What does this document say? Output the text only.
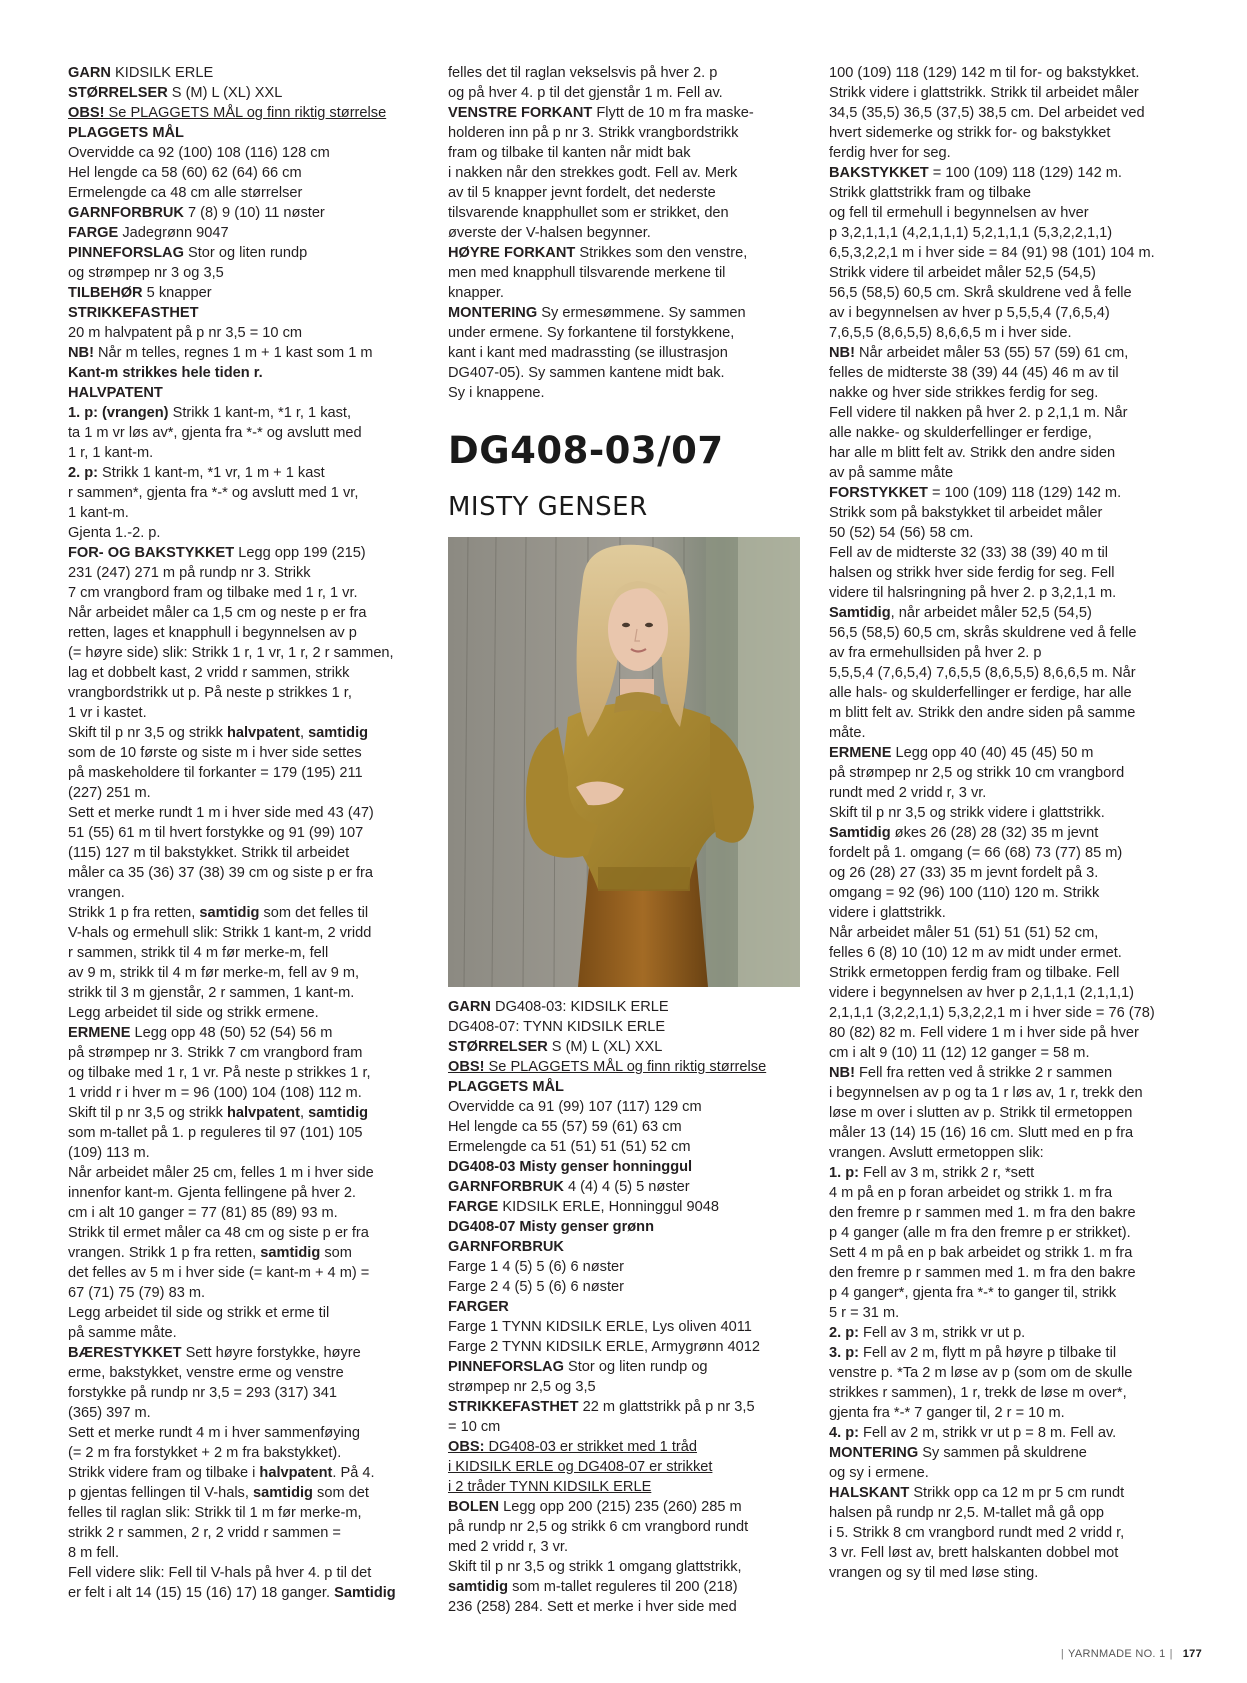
GARN KIDSILK ERLE
STØRRELSER S (M) L (XL) XXL
OBS! Se PLAGGETS MÅL og finn riktig størrelse
PLAGGETS MÅL
Overvidde ca 92 (100) 108 (116) 128 cm
Hel lengde ca 58 (60) 62 (64) 66 cm
Ermelengde ca 48 cm alle størrelser
GARNFORBRUK 7 (8) 9 (10) 11 nøster
FARGE Jadegrønn 9047
PINNEFORSLAG Stor og liten rundp
og strømpep nr 3 og 3,5
TILBEHØR 5 knapper
STRIKKEFASTHET
20 m halvpatent på p nr 3,5 = 10 cm
NB! Når m telles, regnes 1 m + 1 kast som 1 m
Kant-m strikkes hele tiden r.
HALVPATENT
1. p: (vrangen) Strikk 1 kant-m, *1 r, 1 kast,
ta 1 m vr løs av*, gjenta fra *-* og avslutt med
1 r, 1 kant-m.
2. p: Strikk 1 kant-m, *1 vr, 1 m + 1 kast
r sammen*, gjenta fra *-* og avslutt med 1 vr,
1 kant-m.
Gjenta 1.-2. p.
FOR- OG BAKSTYKKET Legg opp 199 (215)
231 (247) 271 m på rundp nr 3. Strikk
7 cm vrangbord fram og tilbake med 1 r, 1 vr.
Når arbeidet måler ca 1,5 cm og neste p er fra
retten, lages et knapphull i begynnelsen av p
(= høyre side) slik: Strikk 1 r, 1 vr, 1 r, 2 r sammen,
lag et dobbelt kast, 2 vridd r sammen, strikk
vrangbordstrikk ut p. På neste p strikkes 1 r,
1 vr i kastet.
Skift til p nr 3,5 og strikk halvpatent, samtidig
som de 10 første og siste m i hver side settes
på maskeholdere til forkanter = 179 (195) 211
(227) 251 m.
Sett et merke rundt 1 m i hver side med 43 (47)
51 (55) 61 m til hvert forstykke og 91 (99) 107
(115) 127 m til bakstykket. Strikk til arbeidet
måler ca 35 (36) 37 (38) 39 cm og siste p er fra
vrangen.
Strikk 1 p fra retten, samtidig som det felles til
V-hals og ermehull slik: Strikk 1 kant-m, 2 vridd
r sammen, strikk til 4 m før merke-m, fell
av 9 m, strikk til 4 m før merke-m, fell av 9 m,
strikk til 3 m gjenstår, 2 r sammen, 1 kant-m.
Legg arbeidet til side og strikk ermene.
ERMENE Legg opp 48 (50) 52 (54) 56 m
på strømpep nr 3. Strikk 7 cm vrangbord fram
og tilbake med 1 r, 1 vr. På neste p strikkes 1 r,
1 vridd r i hver m = 96 (100) 104 (108) 112 m.
Skift til p nr 3,5 og strikk halvpatent, samtidig
som m-tallet på 1. p reguleres til 97 (101) 105
(109) 113 m.
Når arbeidet måler 25 cm, felles 1 m i hver side
innenfor kant-m. Gjenta fellingene på hver 2.
cm i alt 10 ganger = 77 (81) 85 (89) 93 m.
Strikk til ermet måler ca 48 cm og siste p er fra
vrangen. Strikk 1 p fra retten, samtidig som
det felles av 5 m i hver side (= kant-m + 4 m) =
67 (71) 75 (79) 83 m.
Legg arbeidet til side og strikk et erme til
på samme måte.
BÆRESTYKKET Sett høyre forstykke, høyre
erme, bakstykket, venstre erme og venstre
forstykke på rundp nr 3,5 = 293 (317) 341
(365) 397 m.
Sett et merke rundt 4 m i hver sammenføying
(= 2 m fra forstykket + 2 m fra bakstykket).
Strikk videre fram og tilbake i halvpatent. På 4.
p gjentas fellingen til V-hals, samtidig som det
felles til raglan slik: Strikk til 1 m før merke-m,
strikk 2 r sammen, 2 r, 2 vridd r sammen =
8 m fell.
Fell videre slik: Fell til V-hals på hver 4. p til det
er felt i alt 14 (15) 15 (16) 17) 18 ganger. Samtidig
felles det til raglan vekselsvis på hver 2. p
og på hver 4. p til det gjenstår 1 m. Fell av.
VENSTRE FORKANT Flytt de 10 m fra maske-
holderen inn på p nr 3. Strikk vrangbordstrikk
fram og tilbake til kanten når midt bak
i nakken når den strekkes godt. Fell av. Merk
av til 5 knapper jevnt fordelt, det nederste
tilsvarende knapphullet som er strikket, den
øverste der V-halsen begynner.
HØYRE FORKANT Strikkes som den venstre,
men med knapphull tilsvarende merkene til
knapper.
MONTERING Sy ermesømmene. Sy sammen
under ermene. Sy forkantene til forstykkene,
kant i kant med madrassting (se illustrasjon
DG407-05). Sy sammen kantene midt bak.
Sy i knappene.
DG408-03/07
MISTY GENSER
GARN DG408-03: KIDSILK ERLE
DG408-07: TYNN KIDSILK ERLE
STØRRELSER S (M) L (XL) XXL
OBS! Se PLAGGETS MÅL og finn riktig størrelse
PLAGGETS MÅL
Overvidde ca 91 (99) 107 (117) 129 cm
Hel lengde ca 55 (57) 59 (61) 63 cm
Ermelengde ca 51 (51) 51 (51) 52 cm
DG408-03 Misty genser honninggul
GARNFORBRUK 4 (4) 4 (5) 5 nøster
FARGE KIDSILK ERLE, Honninggul 9048
DG408-07 Misty genser grønn
GARNFORBRUK
Farge 1 4 (5) 5 (6) 6 nøster
Farge 2 4 (5) 5 (6) 6 nøster
FARGER
Farge 1 TYNN KIDSILK ERLE, Lys oliven 4011
Farge 2 TYNN KIDSILK ERLE, Armygrønn 4012
PINNEFORSLAG Stor og liten rundp og
strømpep nr 2,5 og 3,5
STRIKKEFASTHET 22 m glattstrikk på p nr 3,5
= 10 cm
OBS: DG408-03 er strikket med 1 tråd
i KIDSILK ERLE og DG408-07 er strikket
i 2 tråder TYNN KIDSILK ERLE
BOLEN Legg opp 200 (215) 235 (260) 285 m
på rundp nr 2,5 og strikk 6 cm vrangbord rundt
med 2 vridd r, 3 vr.
Skift til p nr 3,5 og strikk 1 omgang glattstrikk,
samtidig som m-tallet reguleres til 200 (218)
236 (258) 284. Sett et merke i hver side med
100 (109) 118 (129) 142 m til for- og bakstykket.
Strikk videre i glattstrikk. Strikk til arbeidet måler
34,5 (35,5) 36,5 (37,5) 38,5 cm. Del arbeidet ved
hvert sidemerke og strikk for- og bakstykket
ferdig hver for seg.
BAKSTYKKET = 100 (109) 118 (129) 142 m.
Strikk glattstrikk fram og tilbake
og fell til ermehull i begynnelsen av hver
p 3,2,1,1,1 (4,2,1,1,1) 5,2,1,1,1 (5,3,2,2,1,1)
6,5,3,2,2,1 m i hver side = 84 (91) 98 (101) 104 m.
Strikk videre til arbeidet måler 52,5 (54,5)
56,5 (58,5) 60,5 cm. Skrå skuldrene ved å felle
av i begynnelsen av hver p 5,5,5,4 (7,6,5,4)
7,6,5,5 (8,6,5,5) 8,6,6,5 m i hver side.
NB! Når arbeidet måler 53 (55) 57 (59) 61 cm,
felles de midterste 38 (39) 44 (45) 46 m av til
nakke og hver side strikkes ferdig for seg.
Fell videre til nakken på hver 2. p 2,1,1 m. Når
alle nakke- og skulderfellinger er ferdige,
har alle m blitt felt av. Strikk den andre siden
av på samme måte
FORSTYKKET = 100 (109) 118 (129) 142 m.
Strikk som på bakstykket til arbeidet måler
50 (52) 54 (56) 58 cm.
Fell av de midterste 32 (33) 38 (39) 40 m til
halsen og strikk hver side ferdig for seg. Fell
videre til halsringning på hver 2. p 3,2,1,1 m.
Samtidig, når arbeidet måler 52,5 (54,5)
56,5 (58,5) 60,5 cm, skrås skuldrene ved å felle
av fra ermehullsiden på hver 2. p
5,5,5,4 (7,6,5,4) 7,6,5,5 (8,6,5,5) 8,6,6,5 m. Når
alle hals- og skulderfellinger er ferdige, har alle
m blitt felt av. Strikk den andre siden på samme
måte.
ERMENE Legg opp 40 (40) 45 (45) 50 m
på strømpep nr 2,5 og strikk 10 cm vrangbord
rundt med 2 vridd r, 3 vr.
Skift til p nr 3,5 og strikk videre i glattstrikk.
Samtidig økes 26 (28) 28 (32) 35 m jevnt
fordelt på 1. omgang (= 66 (68) 73 (77) 85 m)
og 26 (28) 27 (33) 35 m jevnt fordelt på 3.
omgang = 92 (96) 100 (110) 120 m. Strikk
videre i glattstrikk.
Når arbeidet måler 51 (51) 51 (51) 52 cm,
felles 6 (8) 10 (10) 12 m av midt under ermet.
Strikk ermetoppen ferdig fram og tilbake. Fell
videre i begynnelsen av hver p 2,1,1,1 (2,1,1,1)
2,1,1,1 (3,2,2,1,1) 5,3,2,2,1 m i hver side = 76 (78)
80 (82) 82 m. Fell videre 1 m i hver side på hver
cm i alt 9 (10) 11 (12) 12 ganger = 58 m.
NB! Fell fra retten ved å strikke 2 r sammen
i begynnelsen av p og ta 1 r løs av, 1 r, trekk den
løse m over i slutten av p. Strikk til ermetoppen
måler 13 (14) 15 (16) 16 cm. Slutt med en p fra
vrangen. Avslutt ermetoppen slik:
1. p: Fell av 3 m, strikk 2 r, *sett
4 m på en p foran arbeidet og strikk 1. m fra
den fremre p r sammen med 1. m fra den bakre
p 4 ganger (alle m fra den fremre p er strikket).
Sett 4 m på en p bak arbeidet og strikk 1. m fra
den fremre p r sammen med 1. m fra den bakre
p 4 ganger*, gjenta fra *-* to ganger til, strikk
5 r = 31 m.
2. p: Fell av 3 m, strikk vr ut p.
3. p: Fell av 2 m, flytt m på høyre p tilbake til
venstre p. *Ta 2 m løse av p (som om de skulle
strikkes r sammen), 1 r, trekk de løse m over*,
gjenta fra *-* 7 ganger til, 2 r = 10 m.
4. p: Fell av 2 m, strikk vr ut p = 8 m. Fell av.
MONTERING Sy sammen på skuldrene
og sy i ermene.
HALSKANT Strikk opp ca 12 m pr 5 cm rundt
halsen på rundp nr 2,5. M-tallet må gå opp
i 5. Strikk 8 cm vrangbord rundt med 2 vridd r,
3 vr. Fell løst av, brett halskanten dobbel mot
vrangen og sy til med løse sting.
| YARNMADE NO. 1 | 177
